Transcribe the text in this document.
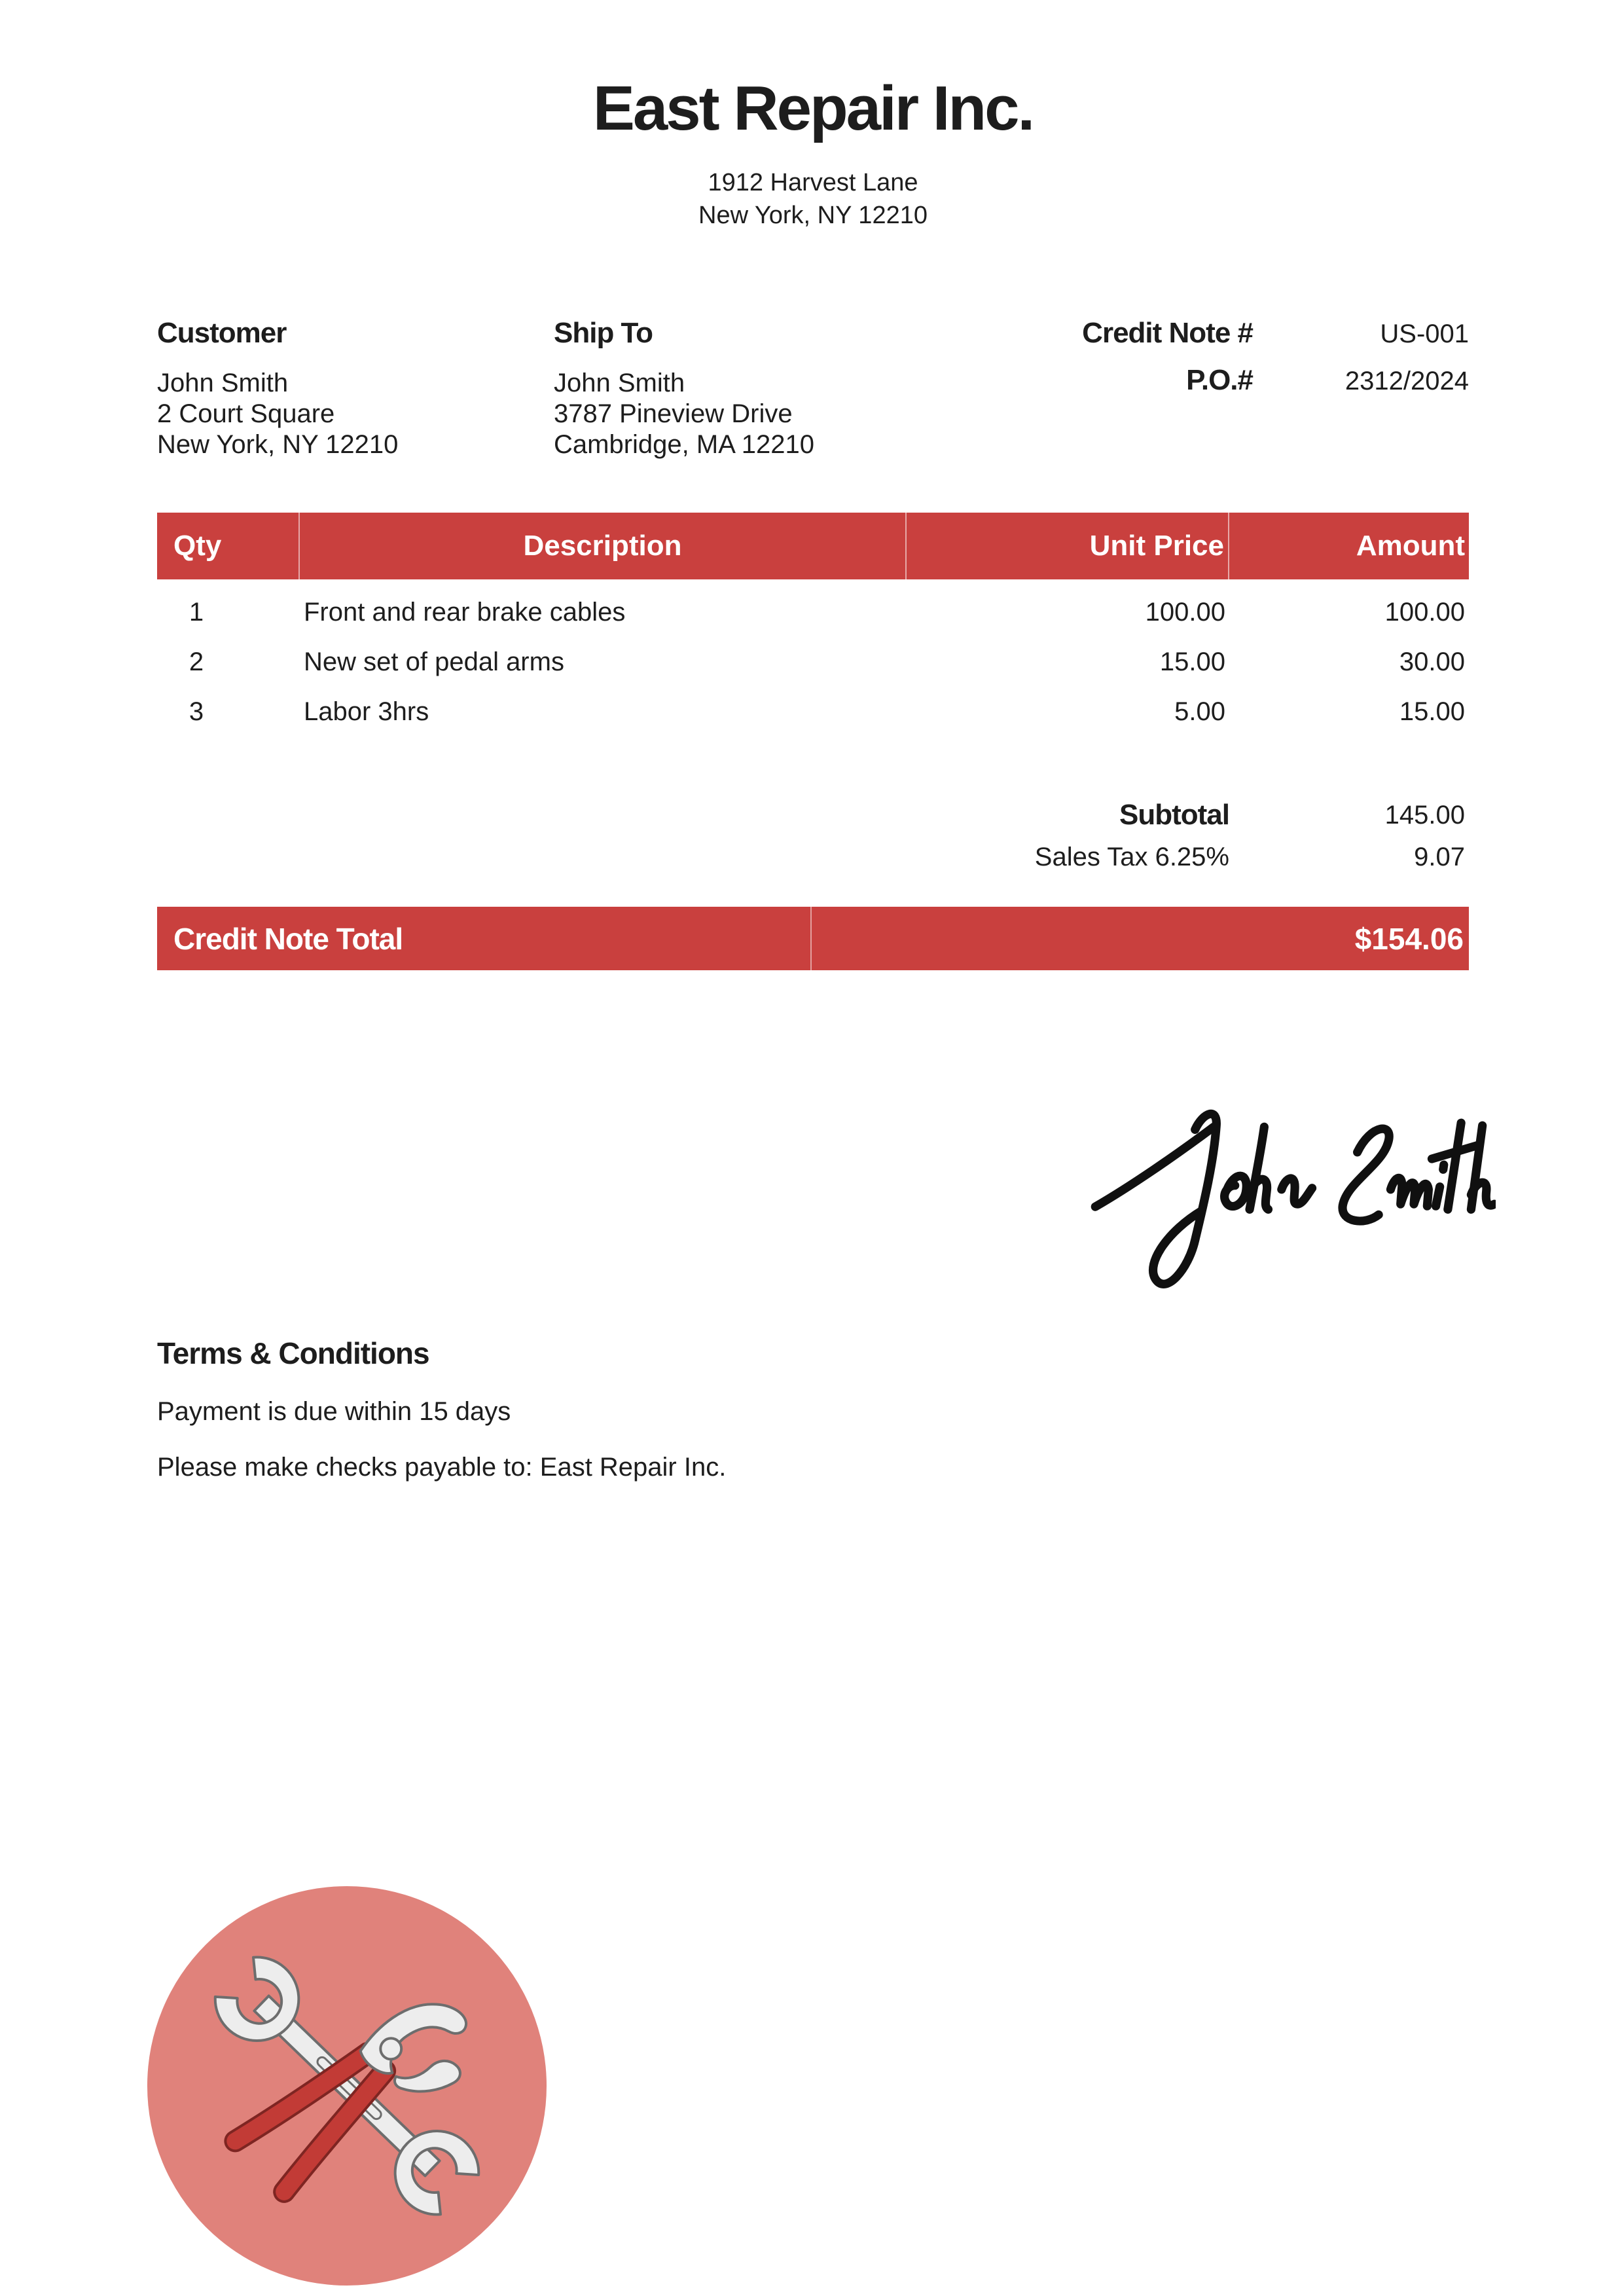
East Repair Inc.
1912 Harvest Lane
New York, NY 12210
Customer
John Smith
2 Court Square
New York, NY 12210
Ship To
John Smith
3787 Pineview Drive
Cambridge, MA 12210
Credit Note #	US-001
P.O.#	2312/2024
Qty	Description	Unit Price	Amount
1	Front and rear brake cables	100.00	100.00
2	New set of pedal arms	15.00	30.00
3	Labor 3hrs	5.00	15.00
Subtotal	145.00
Sales Tax 6.25%	9.07
Credit Note Total	$154.06
Terms & Conditions
Payment is due within 15 days
Please make checks payable to: East Repair Inc.
